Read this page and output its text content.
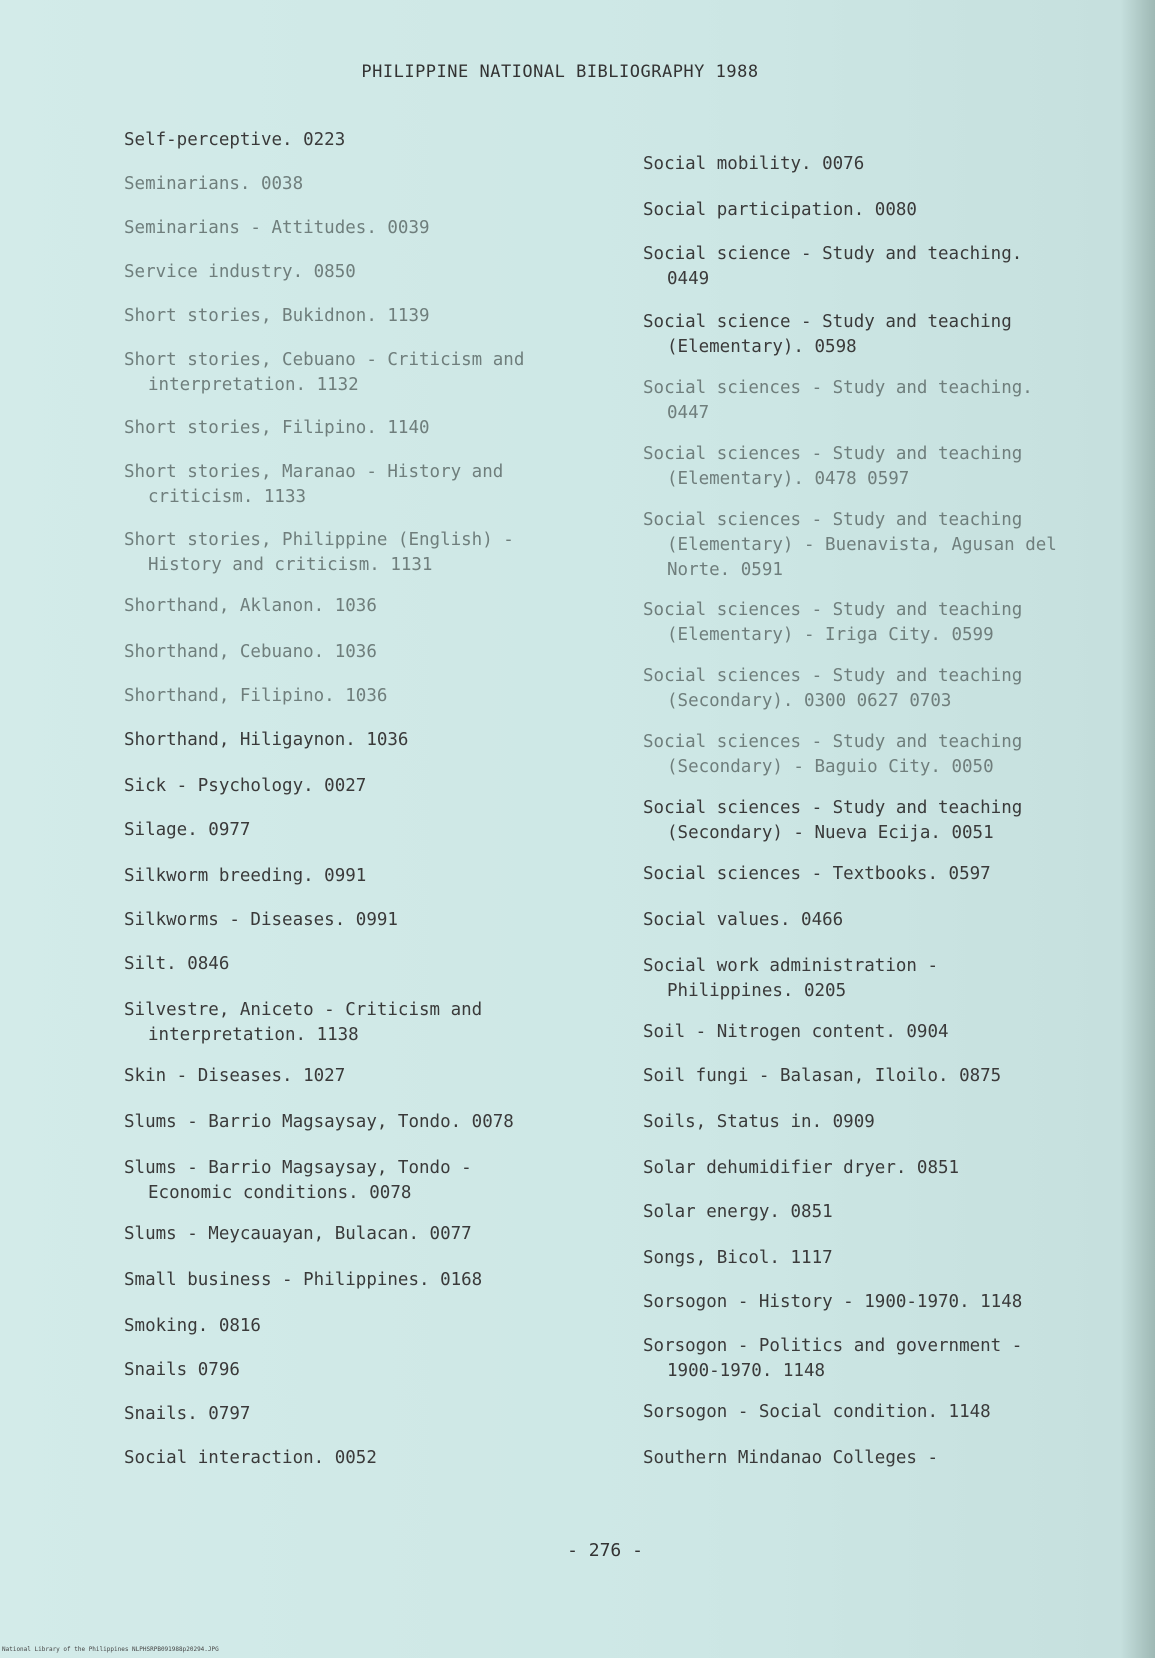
PHILIPPINE NATIONAL BIBLIOGRAPHY 1988
Self-perceptive. 0223
Seminarians. 0038
Seminarians - Attitudes. 0039
Service industry. 0850
Short stories, Bukidnon. 1139
Short stories, Cebuano - Criticism and
interpretation. 1132
Short stories, Filipino. 1140
Short stories, Maranao - History and
criticism. 1133
Short stories, Philippine (English) -
History and criticism. 1131
Shorthand, Aklanon. 1036
Shorthand, Cebuano. 1036
Shorthand, Filipino. 1036
Shorthand, Hiligaynon. 1036
Sick - Psychology. 0027
Silage. 0977
Silkworm breeding. 0991
Silkworms - Diseases. 0991
Silt. 0846
Silvestre, Aniceto - Criticism and
interpretation. 1138
Skin - Diseases. 1027
Slums - Barrio Magsaysay, Tondo. 0078
Slums - Barrio Magsaysay, Tondo -
Economic conditions. 0078
Slums - Meycauayan, Bulacan. 0077
Small business - Philippines. 0168
Smoking. 0816
Snails 0796
Snails. 0797
Social interaction. 0052
Social mobility. 0076
Social participation. 0080
Social science - Study and teaching.
0449
Social science - Study and teaching
(Elementary). 0598
Social sciences - Study and teaching.
0447
Social sciences - Study and teaching
(Elementary). 0478 0597
Social sciences - Study and teaching
(Elementary) - Buenavista, Agusan del
Norte. 0591
Social sciences - Study and teaching
(Elementary) - Iriga City. 0599
Social sciences - Study and teaching
(Secondary). 0300 0627 0703
Social sciences - Study and teaching
(Secondary) - Baguio City. 0050
Social sciences - Study and teaching
(Secondary) - Nueva Ecija. 0051
Social sciences - Textbooks. 0597
Social values. 0466
Social work administration -
Philippines. 0205
Soil - Nitrogen content. 0904
Soil fungi - Balasan, Iloilo. 0875
Soils, Status in. 0909
Solar dehumidifier dryer. 0851
Solar energy. 0851
Songs, Bicol. 1117
Sorsogon - History - 1900-1970. 1148
Sorsogon - Politics and government -
1900-1970. 1148
Sorsogon - Social condition. 1148
Southern Mindanao Colleges -
- 276 -
National Library of the Philippines NLPHSRPB091988p20294.JPG
